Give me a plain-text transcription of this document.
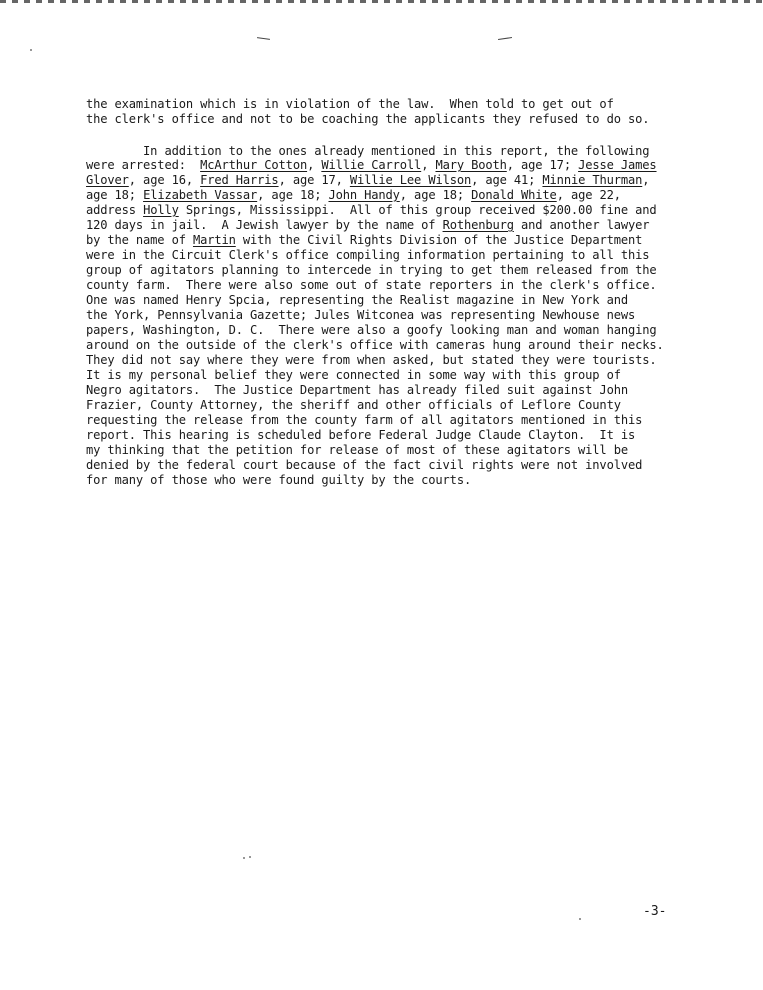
the examination which is in violation of the law.  When told to get out of
the clerk's office and not to be coaching the applicants they refused to do so.
In addition to the ones already mentioned in this report, the following
were arrested:  McArthur Cotton, Willie Carroll, Mary Booth, age 17; Jesse James
Glover, age 16, Fred Harris, age 17, Willie Lee Wilson, age 41; Minnie Thurman,
age 18; Elizabeth Vassar, age 18; John Handy, age 18; Donald White, age 22,
address Holly Springs, Mississippi.  All of this group received $200.00 fine and
120 days in jail.  A Jewish lawyer by the name of Rothenburg and another lawyer
by the name of Martin with the Civil Rights Division of the Justice Department
were in the Circuit Clerk's office compiling information pertaining to all this
group of agitators planning to intercede in trying to get them released from the
county farm.  There were also some out of state reporters in the clerk's office.
One was named Henry Spcia, representing the Realist magazine in New York and
the York, Pennsylvania Gazette; Jules Witconea was representing Newhouse news
papers, Washington, D. C.  There were also a goofy looking man and woman hanging
around on the outside of the clerk's office with cameras hung around their necks.
They did not say where they were from when asked, but stated they were tourists.
It is my personal belief they were connected in some way with this group of
Negro agitators.  The Justice Department has already filed suit against John
Frazier, County Attorney, the sheriff and other officials of Leflore County
requesting the release from the county farm of all agitators mentioned in this
report. This hearing is scheduled before Federal Judge Claude Clayton.  It is
my thinking that the petition for release of most of these agitators will be
denied by the federal court because of the fact civil rights were not involved
for many of those who were found guilty by the courts.
-3-
